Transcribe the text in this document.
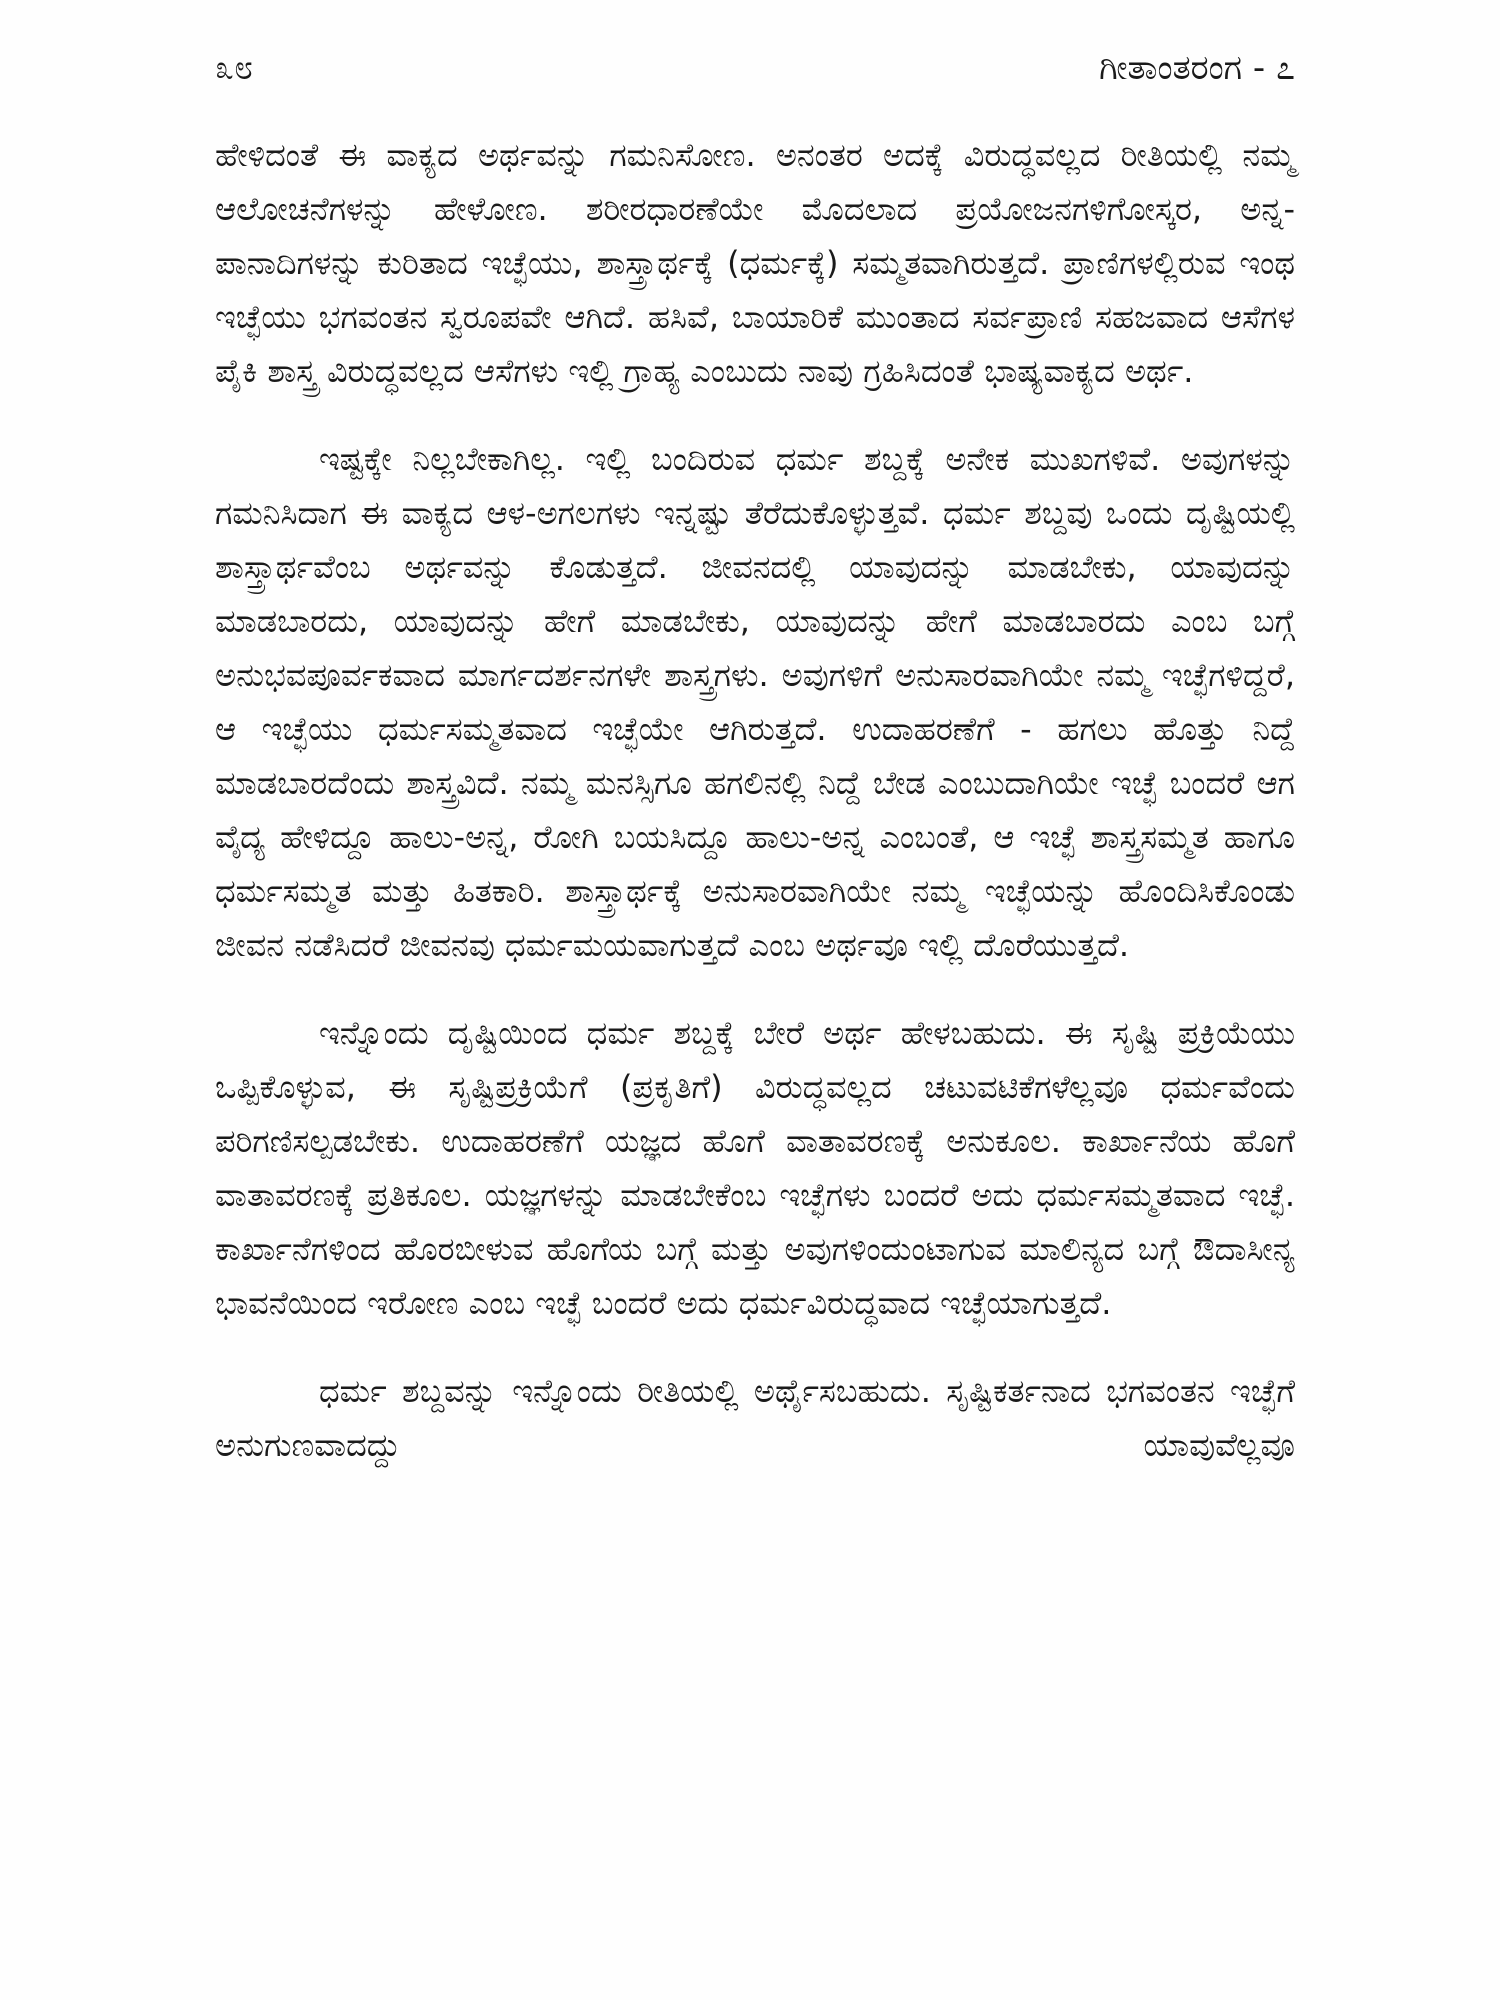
೩೮	ಗೀತಾಂತರಂಗ - ೭

ಹೇಳಿದಂತೆ ಈ ವಾಕ್ಯದ ಅರ್ಥವನ್ನು ಗಮನಿಸೋಣ. ಅನಂತರ ಅದಕ್ಕೆ ವಿರುದ್ಧವಲ್ಲದ ರೀತಿಯಲ್ಲಿ ನಮ್ಮ ಆಲೋಚನೆಗಳನ್ನು ಹೇಳೋಣ. ಶರೀರಧಾರಣೆಯೇ ಮೊದಲಾದ ಪ್ರಯೋಜನಗಳಿಗೋಸ್ಕರ, ಅನ್ನ-ಪಾನಾದಿಗಳನ್ನು ಕುರಿತಾದ ಇಚ್ಛೆಯು, ಶಾಸ್ತ್ರಾರ್ಥಕ್ಕೆ (ಧರ್ಮಕ್ಕೆ) ಸಮ್ಮತವಾಗಿರುತ್ತದೆ. ಪ್ರಾಣಿಗಳಲ್ಲಿರುವ ಇಂಥ ಇಚ್ಛೆಯು ಭಗವಂತನ ಸ್ವರೂಪವೇ ಆಗಿದೆ. ಹಸಿವೆ, ಬಾಯಾರಿಕೆ ಮುಂತಾದ ಸರ್ವಪ್ರಾಣಿ ಸಹಜವಾದ ಆಸೆಗಳ ಪೈಕಿ ಶಾಸ್ತ್ರ ವಿರುದ್ಧವಲ್ಲದ ಆಸೆಗಳು ಇಲ್ಲಿ ಗ್ರಾಹ್ಯ ಎಂಬುದು ನಾವು ಗ್ರಹಿಸಿದಂತೆ ಭಾಷ್ಯವಾಕ್ಯದ ಅರ್ಥ.

ಇಷ್ಟಕ್ಕೇ ನಿಲ್ಲಬೇಕಾಗಿಲ್ಲ. ಇಲ್ಲಿ ಬಂದಿರುವ ಧರ್ಮ ಶಬ್ದಕ್ಕೆ ಅನೇಕ ಮುಖಗಳಿವೆ. ಅವುಗಳನ್ನು ಗಮನಿಸಿದಾಗ ಈ ವಾಕ್ಯದ ಆಳ-ಅಗಲಗಳು ಇನ್ನಷ್ಟು ತೆರೆದುಕೊಳ್ಳುತ್ತವೆ. ಧರ್ಮ ಶಬ್ದವು ಒಂದು ದೃಷ್ಟಿಯಲ್ಲಿ ಶಾಸ್ತ್ರಾರ್ಥವೆಂಬ ಅರ್ಥವನ್ನು ಕೊಡುತ್ತದೆ. ಜೀವನದಲ್ಲಿ ಯಾವುದನ್ನು ಮಾಡಬೇಕು, ಯಾವುದನ್ನು ಮಾಡಬಾರದು, ಯಾವುದನ್ನು ಹೇಗೆ ಮಾಡಬೇಕು, ಯಾವುದನ್ನು ಹೇಗೆ ಮಾಡಬಾರದು ಎಂಬ ಬಗ್ಗೆ ಅನುಭವಪೂರ್ವಕವಾದ ಮಾರ್ಗದರ್ಶನಗಳೇ ಶಾಸ್ತ್ರಗಳು. ಅವುಗಳಿಗೆ ಅನುಸಾರವಾಗಿಯೇ ನಮ್ಮ ಇಚ್ಛೆಗಳಿದ್ದರೆ, ಆ ಇಚ್ಛೆಯು ಧರ್ಮಸಮ್ಮತವಾದ ಇಚ್ಛೆಯೇ ಆಗಿರುತ್ತದೆ. ಉದಾಹರಣೆಗೆ - ಹಗಲು ಹೊತ್ತು ನಿದ್ದೆ ಮಾಡಬಾರದೆಂದು ಶಾಸ್ತ್ರವಿದೆ. ನಮ್ಮ ಮನಸ್ಸಿಗೂ ಹಗಲಿನಲ್ಲಿ ನಿದ್ದೆ ಬೇಡ ಎಂಬುದಾಗಿಯೇ ಇಚ್ಛೆ ಬಂದರೆ ಆಗ ವೈದ್ಯ ಹೇಳಿದ್ದೂ ಹಾಲು-ಅನ್ನ, ರೋಗಿ ಬಯಸಿದ್ದೂ ಹಾಲು-ಅನ್ನ ಎಂಬಂತೆ, ಆ ಇಚ್ಛೆ ಶಾಸ್ತ್ರಸಮ್ಮತ ಹಾಗೂ ಧರ್ಮಸಮ್ಮತ ಮತ್ತು ಹಿತಕಾರಿ. ಶಾಸ್ತ್ರಾರ್ಥಕ್ಕೆ ಅನುಸಾರವಾಗಿಯೇ ನಮ್ಮ ಇಚ್ಛೆಯನ್ನು ಹೊಂದಿಸಿಕೊಂಡು ಜೀವನ ನಡೆಸಿದರೆ ಜೀವನವು ಧರ್ಮಮಯವಾಗುತ್ತದೆ ಎಂಬ ಅರ್ಥವೂ ಇಲ್ಲಿ ದೊರೆಯುತ್ತದೆ.

ಇನ್ನೊಂದು ದೃಷ್ಟಿಯಿಂದ ಧರ್ಮ ಶಬ್ದಕ್ಕೆ ಬೇರೆ ಅರ್ಥ ಹೇಳಬಹುದು. ಈ ಸೃಷ್ಟಿ ಪ್ರಕ್ರಿಯೆಯು ಒಪ್ಪಿಕೊಳ್ಳುವ, ಈ ಸೃಷ್ಟಿಪ್ರಕ್ರಿಯೆಗೆ (ಪ್ರಕೃತಿಗೆ) ವಿರುದ್ಧವಲ್ಲದ ಚಟುವಟಿಕೆಗಳೆಲ್ಲವೂ ಧರ್ಮವೆಂದು ಪರಿಗಣಿಸಲ್ಪಡಬೇಕು. ಉದಾಹರಣೆಗೆ ಯಜ್ಞದ ಹೊಗೆ ವಾತಾವರಣಕ್ಕೆ ಅನುಕೂಲ. ಕಾರ್ಖಾನೆಯ ಹೊಗೆ ವಾತಾವರಣಕ್ಕೆ ಪ್ರತಿಕೂಲ. ಯಜ್ಞಗಳನ್ನು ಮಾಡಬೇಕೆಂಬ ಇಚ್ಛೆಗಳು ಬಂದರೆ ಅದು ಧರ್ಮಸಮ್ಮತವಾದ ಇಚ್ಛೆ. ಕಾರ್ಖಾನೆಗಳಿಂದ ಹೊರಬೀಳುವ ಹೊಗೆಯ ಬಗ್ಗೆ ಮತ್ತು ಅವುಗಳಿಂದುಂಟಾಗುವ ಮಾಲಿನ್ಯದ ಬಗ್ಗೆ ಔದಾಸೀನ್ಯ ಭಾವನೆಯಿಂದ ಇರೋಣ ಎಂಬ ಇಚ್ಛೆ ಬಂದರೆ ಅದು ಧರ್ಮವಿರುದ್ಧವಾದ ಇಚ್ಛೆಯಾಗುತ್ತದೆ.

ಧರ್ಮ ಶಬ್ದವನ್ನು ಇನ್ನೊಂದು ರೀತಿಯಲ್ಲಿ ಅರ್ಥೈಸಬಹುದು. ಸೃಷ್ಟಿಕರ್ತನಾದ ಭಗವಂತನ ಇಚ್ಛೆಗೆ ಅನುಗುಣವಾದದ್ದು ಯಾವುವೆಲ್ಲವೂ
